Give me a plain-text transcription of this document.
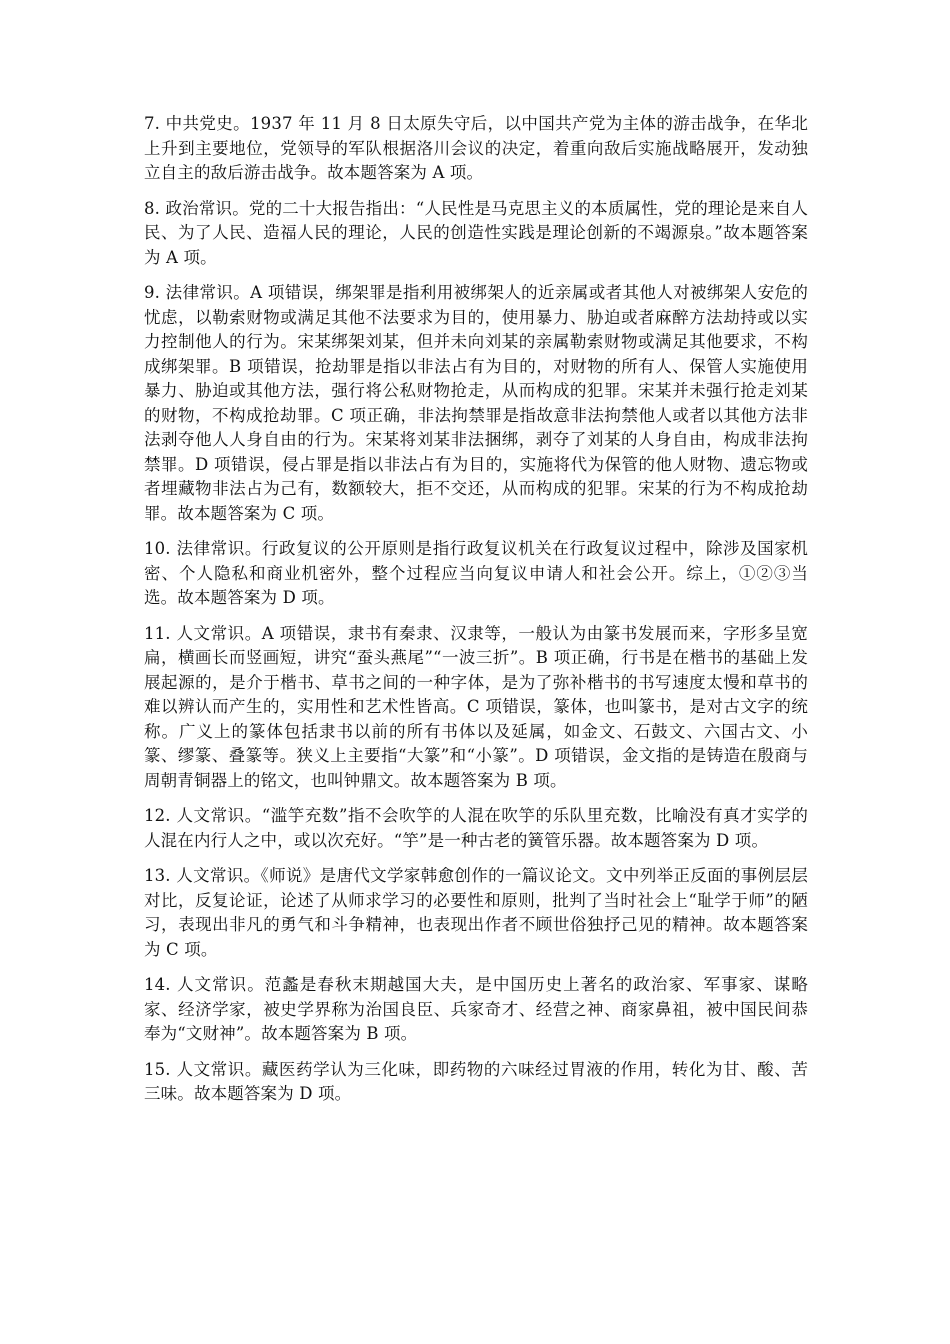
7. 中共党史。1937 年 11 月 8 日太原失守后，以中国共产党为主体的游击战争，在华北上升到主要地位，党领导的军队根据洛川会议的决定，着重向敌后实施战略展开，发动独立自主的敌后游击战争。故本题答案为 A 项。

8. 政治常识。党的二十大报告指出：“人民性是马克思主义的本质属性，党的理论是来自人民、为了人民、造福人民的理论，人民的创造性实践是理论创新的不竭源泉。”故本题答案为 A 项。

9. 法律常识。A 项错误，绑架罪是指利用被绑架人的近亲属或者其他人对被绑架人安危的忧虑，以勒索财物或满足其他不法要求为目的，使用暴力、胁迫或者麻醉方法劫持或以实力控制他人的行为。宋某绑架刘某，但并未向刘某的亲属勒索财物或满足其他要求，不构成绑架罪。B 项错误，抢劫罪是指以非法占有为目的，对财物的所有人、保管人实施使用暴力、胁迫或其他方法，强行将公私财物抢走，从而构成的犯罪。宋某并未强行抢走刘某的财物，不构成抢劫罪。C 项正确，非法拘禁罪是指故意非法拘禁他人或者以其他方法非法剥夺他人人身自由的行为。宋某将刘某非法捆绑，剥夺了刘某的人身自由，构成非法拘禁罪。D 项错误，侵占罪是指以非法占有为目的，实施将代为保管的他人财物、遗忘物或者埋藏物非法占为己有，数额较大，拒不交还，从而构成的犯罪。宋某的行为不构成抢劫罪。故本题答案为 C 项。

10. 法律常识。行政复议的公开原则是指行政复议机关在行政复议过程中，除涉及国家机密、个人隐私和商业机密外，整个过程应当向复议申请人和社会公开。综上，①②③当选。故本题答案为 D 项。

11. 人文常识。A 项错误，隶书有秦隶、汉隶等，一般认为由篆书发展而来，字形多呈宽扁，横画长而竖画短，讲究“蚕头燕尾”“一波三折”。B 项正确，行书是在楷书的基础上发展起源的，是介于楷书、草书之间的一种字体，是为了弥补楷书的书写速度太慢和草书的难以辨认而产生的，实用性和艺术性皆高。C 项错误，篆体，也叫篆书，是对古文字的统称。广义上的篆体包括隶书以前的所有书体以及延属，如金文、石鼓文、六国古文、小篆、缪篆、叠篆等。狭义上主要指“大篆”和“小篆”。D 项错误，金文指的是铸造在殷商与周朝青铜器上的铭文，也叫钟鼎文。故本题答案为 B 项。

12. 人文常识。“滥竽充数”指不会吹竽的人混在吹竽的乐队里充数，比喻没有真才实学的人混在内行人之中，或以次充好。“竽”是一种古老的簧管乐器。故本题答案为 D 项。

13. 人文常识。《师说》是唐代文学家韩愈创作的一篇议论文。文中列举正反面的事例层层对比，反复论证，论述了从师求学习的必要性和原则，批判了当时社会上“耻学于师”的陋习，表现出非凡的勇气和斗争精神，也表现出作者不顾世俗独抒己见的精神。故本题答案为 C 项。

14. 人文常识。范蠡是春秋末期越国大夫，是中国历史上著名的政治家、军事家、谋略家、经济学家，被史学界称为治国良臣、兵家奇才、经营之神、商家鼻祖，被中国民间恭奉为“文财神”。故本题答案为 B 项。

15. 人文常识。藏医药学认为三化味，即药物的六味经过胃液的作用，转化为甘、酸、苦三味。故本题答案为 D 项。
